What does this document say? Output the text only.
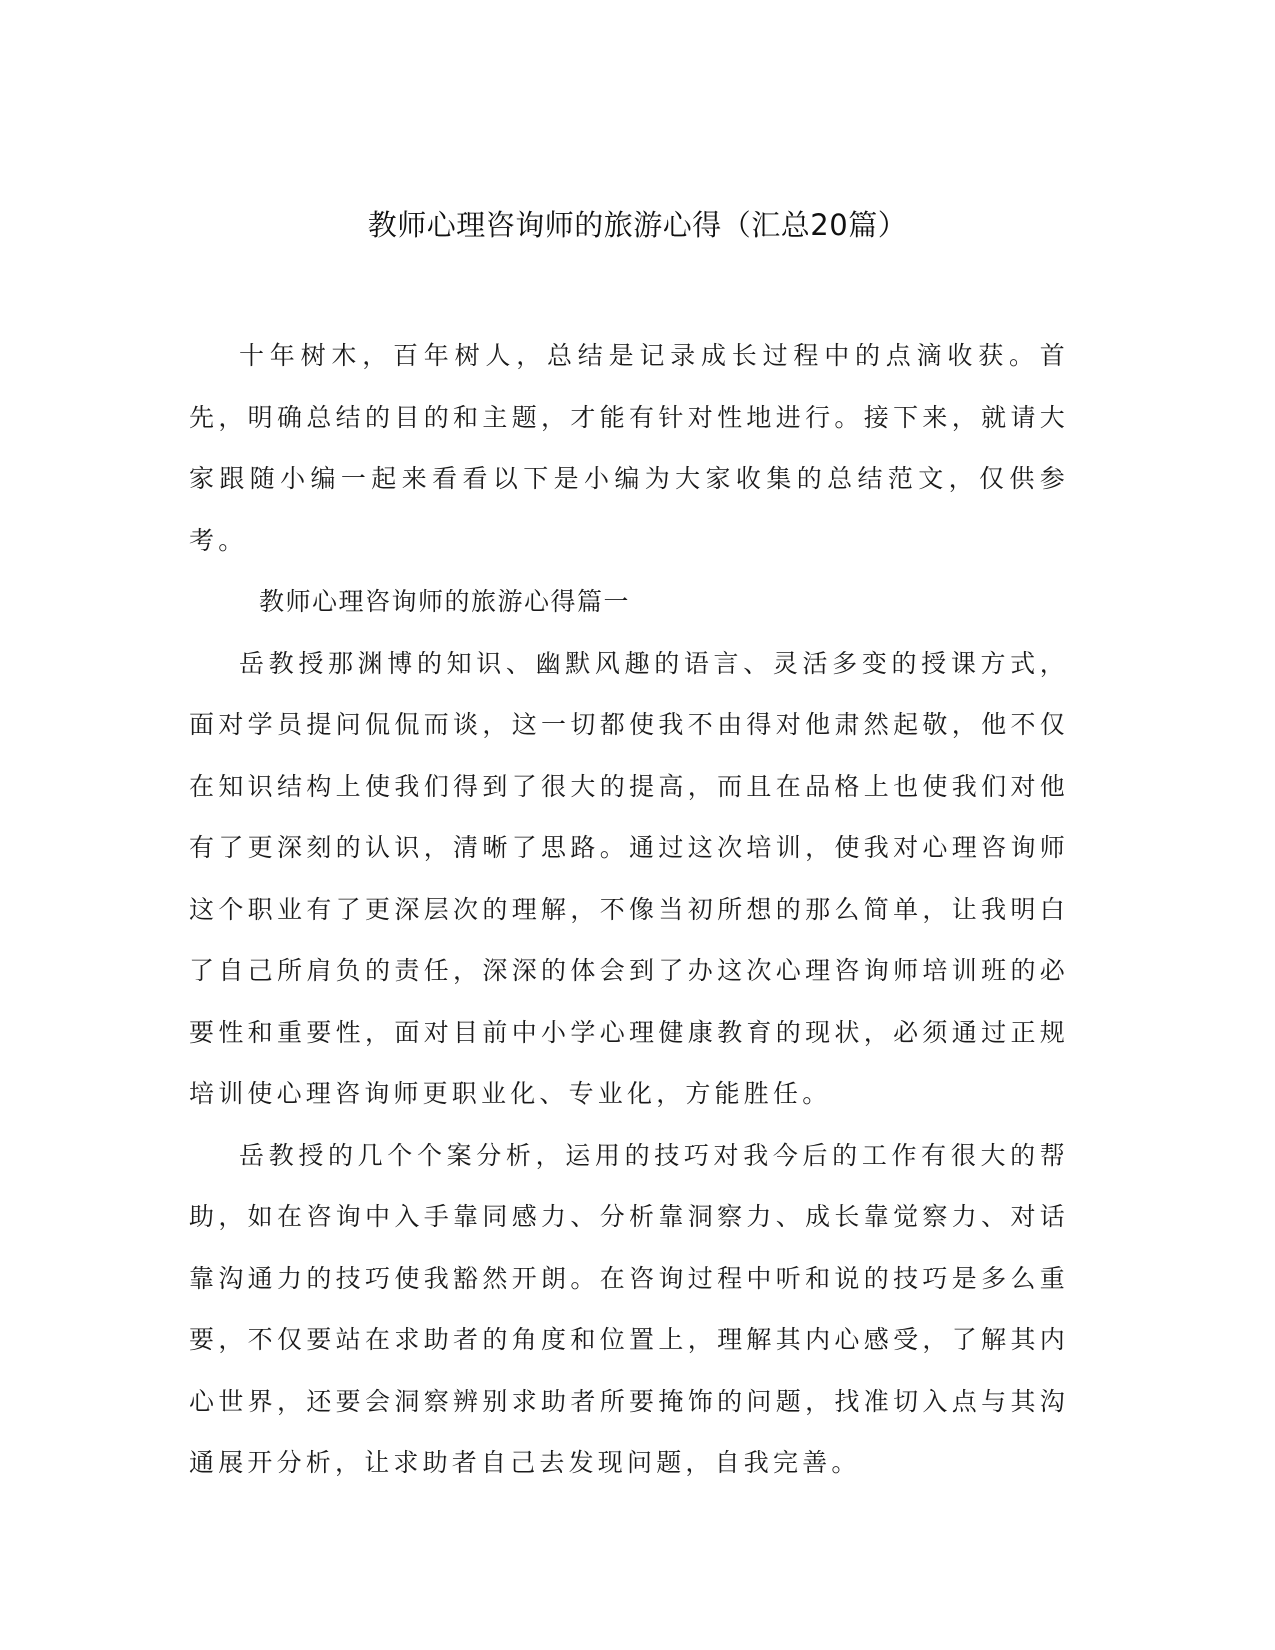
教师心理咨询师的旅游心得（汇总20篇）

十年树木，百年树人，总结是记录成长过程中的点滴收获。首先，明确总结的目的和主题，才能有针对性地进行。接下来，就请大家跟随小编一起来看看以下是小编为大家收集的总结范文，仅供参考。

教师心理咨询师的旅游心得篇一

岳教授那渊博的知识、幽默风趣的语言、灵活多变的授课方式，面对学员提问侃侃而谈，这一切都使我不由得对他肃然起敬，他不仅在知识结构上使我们得到了很大的提高，而且在品格上也使我们对他有了更深刻的认识，清晰了思路。通过这次培训，使我对心理咨询师这个职业有了更深层次的理解，不像当初所想的那么简单，让我明白了自己所肩负的责任，深深的体会到了办这次心理咨询师培训班的必要性和重要性，面对目前中小学心理健康教育的现状，必须通过正规培训使心理咨询师更职业化、专业化，方能胜任。

岳教授的几个个案分析，运用的技巧对我今后的工作有很大的帮助，如在咨询中入手靠同感力、分析靠洞察力、成长靠觉察力、对话靠沟通力的技巧使我豁然开朗。在咨询过程中听和说的技巧是多么重要，不仅要站在求助者的角度和位置上，理解其内心感受，了解其内心世界，还要会洞察辨别求助者所要掩饰的问题，找准切入点与其沟通展开分析，让求助者自己去发现问题，自我完善。
